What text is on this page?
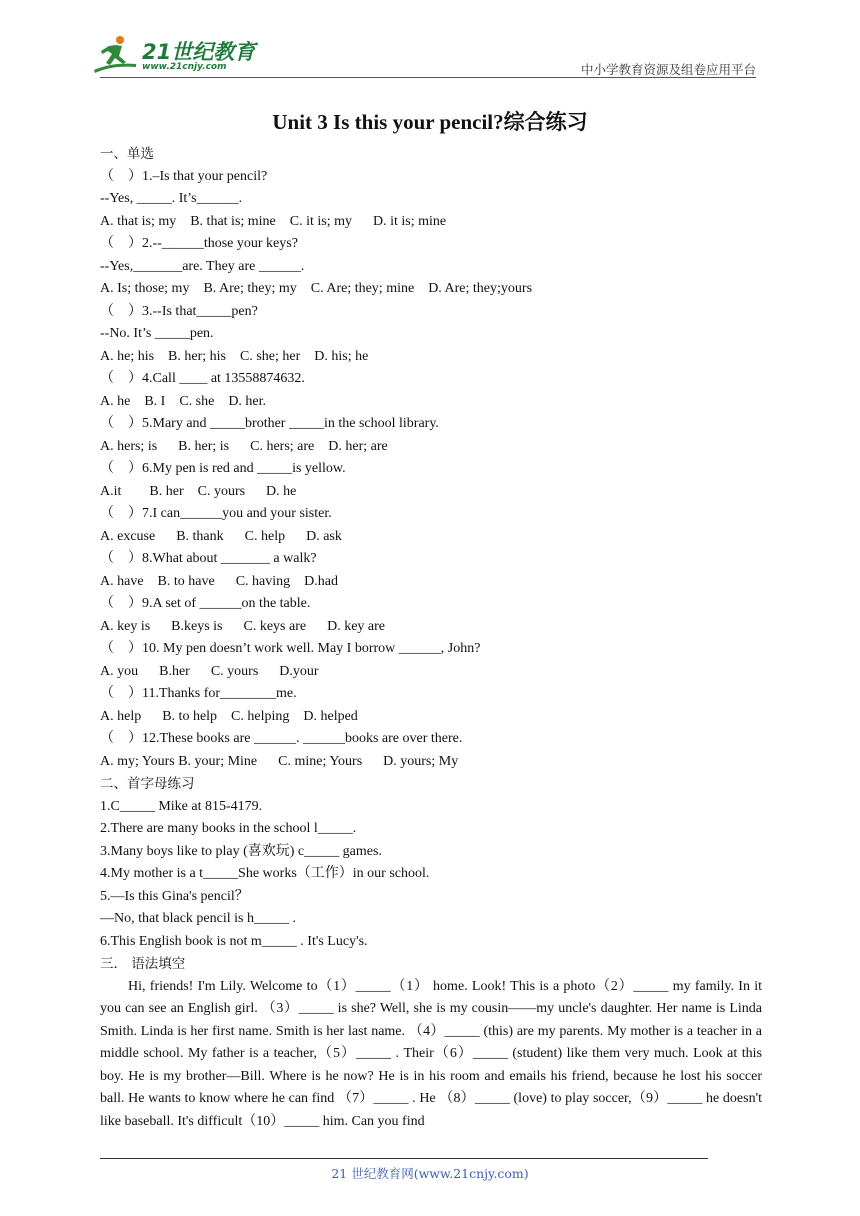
21世纪教育
www.21cnjy.com	中小学教育资源及组卷应用平台
Unit 3 Is this your pencil?综合练习
一、单选
（    ）1.–Is that your pencil?
--Yes, _____. It’s______.
A. that is; my    B. that is; mine    C. it is; my      D. it is; mine
（    ）2.--______those your keys?
--Yes,_______are. They are ______.
A. Is; those; my    B. Are; they; my    C. Are; they; mine    D. Are; they;yours
（    ）3.--Is that_____pen?
--No. It’s _____pen.
A. he; his    B. her; his    C. she; her    D. his; he
（    ）4.Call ____ at 13558874632.
A. he    B. I    C. she    D. her.
（    ）5.Mary and _____brother _____in the school library.
A. hers; is      B. her; is      C. hers; are    D. her; are
（    ）6.My pen is red and _____is yellow.
A.it        B. her    C. yours      D. he
（    ）7.I can______you and your sister.
A. excuse      B. thank      C. help      D. ask
（    ）8.What about _______ a walk?
A. have    B. to have      C. having    D.had
（    ）9.A set of ______on the table.
A. key is      B.keys is      C. keys are      D. key are
（    ）10. My pen doesn’t work well. May I borrow ______, John?
A. you      B.her      C. yours      D.your
（    ）11.Thanks for________me.
A. help      B. to help    C. helping    D. helped
（    ）12.These books are ______. ______books are over there.
A. my; Yours B. your; Mine      C. mine; Yours      D. yours; My
二、首字母练习
1.C_____ Mike at 815-4179.
2.There are many books in the school l_____.
3.Many boys like to play (喜欢玩) c_____ games.
4.My mother is a t_____She works（工作）in our school.
5.—Is this Gina's pencil？
—No, that black pencil is h_____ .
6.This English book is not m_____ . It's Lucy's.
三． 语法填空

Hi, friends! I'm Lily. Welcome to（1）_____（1） home. Look! This is a photo（2）_____ my family. In it you can see an English girl. （3）_____ is she? Well, she is my cousin——my uncle's daughter. Her name is Linda Smith. Linda is her first name. Smith is her last name. （4）_____ (this) are my parents. My mother is a teacher in a middle school. My father is a teacher,（5）_____ . Their（6）_____ (student) like them very much. Look at this boy. He is my brother—Bill. Where is he now? He is in his room and emails his friend, because he lost his soccer ball. He wants to know where he can find （7）_____ . He （8）_____ (love) to play soccer,（9）_____ he doesn't like baseball. It's difficult（10）_____ him. Can you find

21 世纪教育网(www.21cnjy.com)
